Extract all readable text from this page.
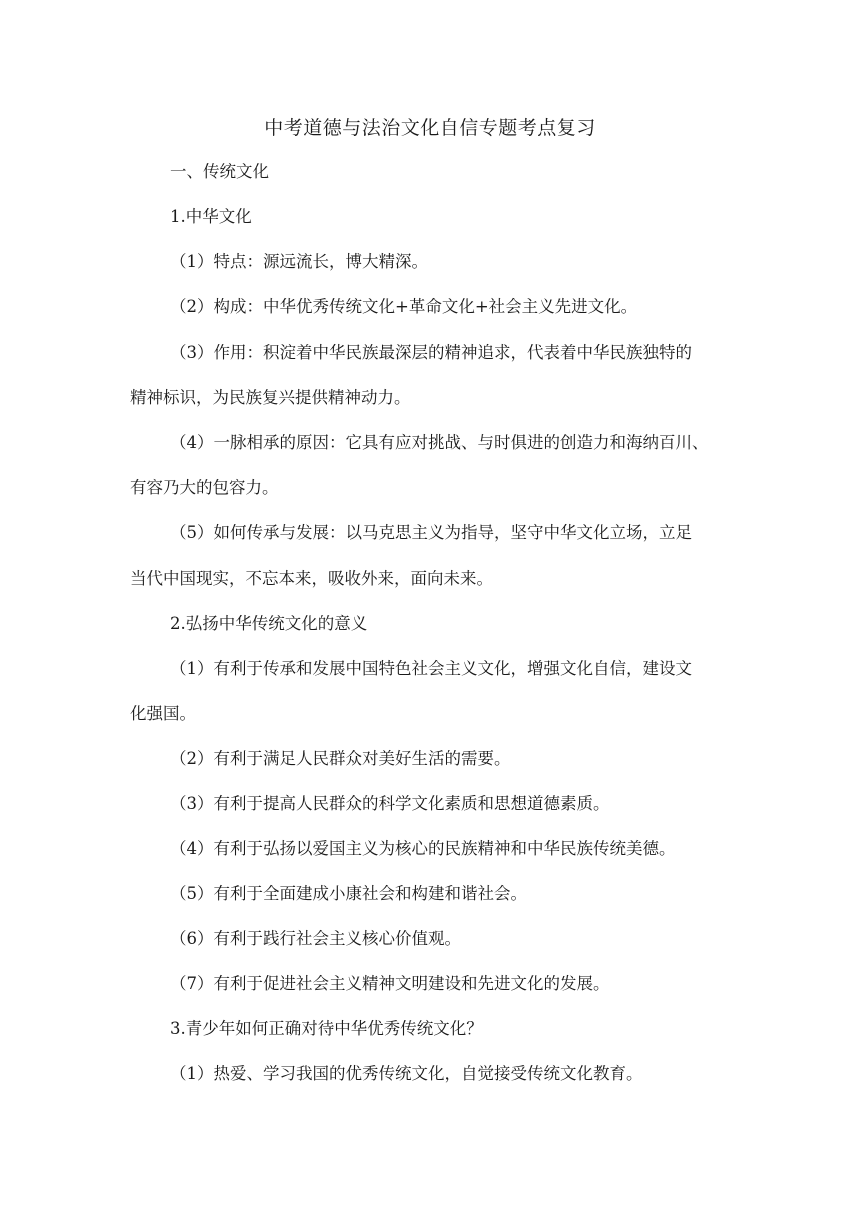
中考道德与法治文化自信专题考点复习
一、传统文化
1.中华文化
（1）特点：源远流长，博大精深。
（2）构成：中华优秀传统文化+革命文化+社会主义先进文化。
（3）作用：积淀着中华民族最深层的精神追求，代表着中华民族独特的
精神标识，为民族复兴提供精神动力。
（4）一脉相承的原因：它具有应对挑战、与时俱进的创造力和海纳百川、
有容乃大的包容力。
（5）如何传承与发展：以马克思主义为指导，坚守中华文化立场，立足
当代中国现实，不忘本来，吸收外来，面向未来。
2.弘扬中华传统文化的意义
（1）有利于传承和发展中国特色社会主义文化，增强文化自信，建设文
化强国。
（2）有利于满足人民群众对美好生活的需要。
（3）有利于提高人民群众的科学文化素质和思想道德素质。
（4）有利于弘扬以爱国主义为核心的民族精神和中华民族传统美德。
（5）有利于全面建成小康社会和构建和谐社会。
（6）有利于践行社会主义核心价值观。
（7）有利于促进社会主义精神文明建设和先进文化的发展。
3.青少年如何正确对待中华优秀传统文化？
（1）热爱、学习我国的优秀传统文化，自觉接受传统文化教育。
